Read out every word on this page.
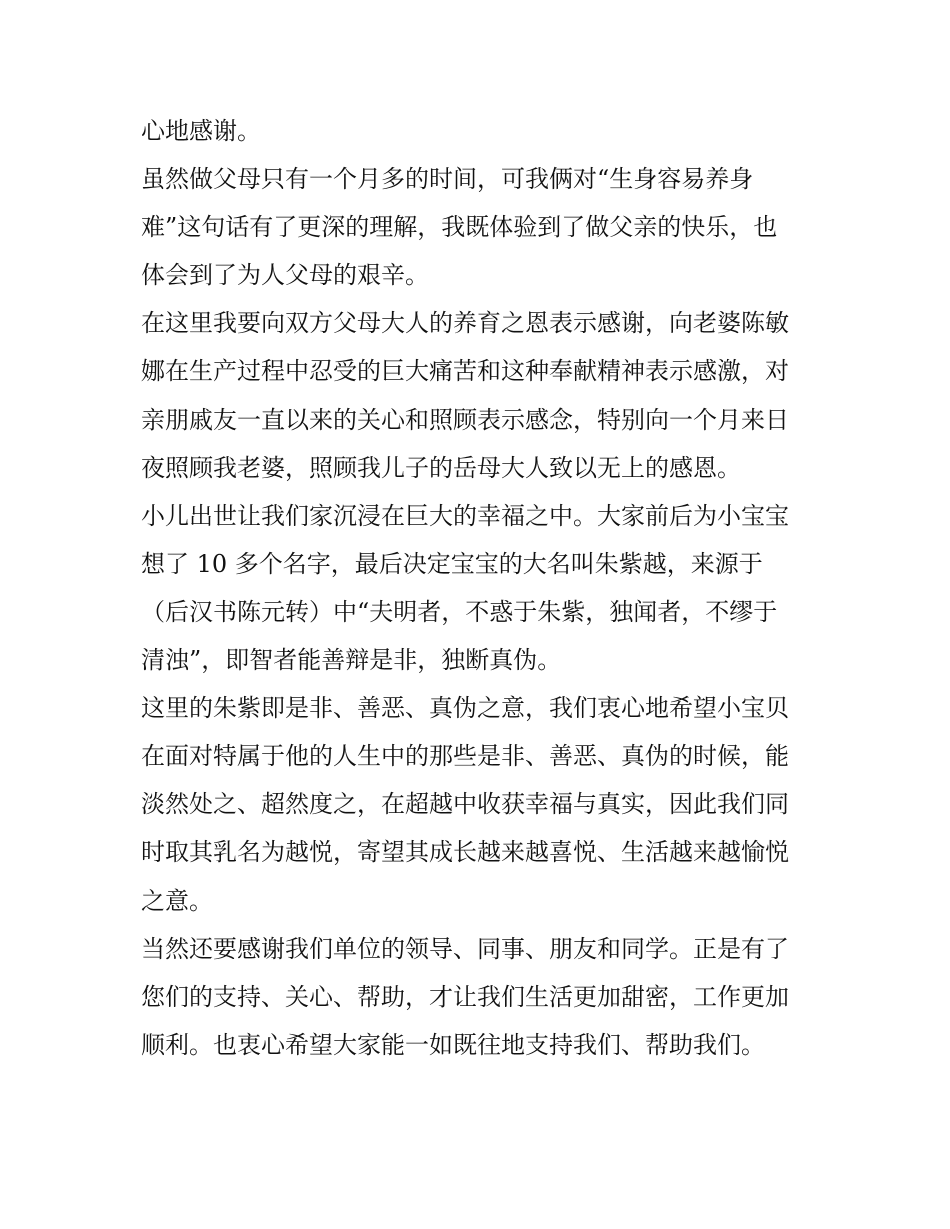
心地感谢。
虽然做父母只有一个月多的时间，可我俩对“生身容易养身
难”这句话有了更深的理解，我既体验到了做父亲的快乐，也
体会到了为人父母的艰辛。
在这里我要向双方父母大人的养育之恩表示感谢，向老婆陈敏
娜在生产过程中忍受的巨大痛苦和这种奉献精神表示感激，对
亲朋戚友一直以来的关心和照顾表示感念，特别向一个月来日
夜照顾我老婆，照顾我儿子的岳母大人致以无上的感恩。
小儿出世让我们家沉浸在巨大的幸福之中。大家前后为小宝宝
想了 10 多个名字，最后决定宝宝的大名叫朱紫越，来源于
（后汉书陈元转）中“夫明者，不惑于朱紫，独闻者，不缪于
清浊”，即智者能善辩是非，独断真伪。
这里的朱紫即是非、善恶、真伪之意，我们衷心地希望小宝贝
在面对特属于他的人生中的那些是非、善恶、真伪的时候，能
淡然处之、超然度之，在超越中收获幸福与真实，因此我们同
时取其乳名为越悦，寄望其成长越来越喜悦、生活越来越愉悦
之意。
当然还要感谢我们单位的领导、同事、朋友和同学。正是有了
您们的支持、关心、帮助，才让我们生活更加甜密，工作更加
顺利。也衷心希望大家能一如既往地支持我们、帮助我们。
